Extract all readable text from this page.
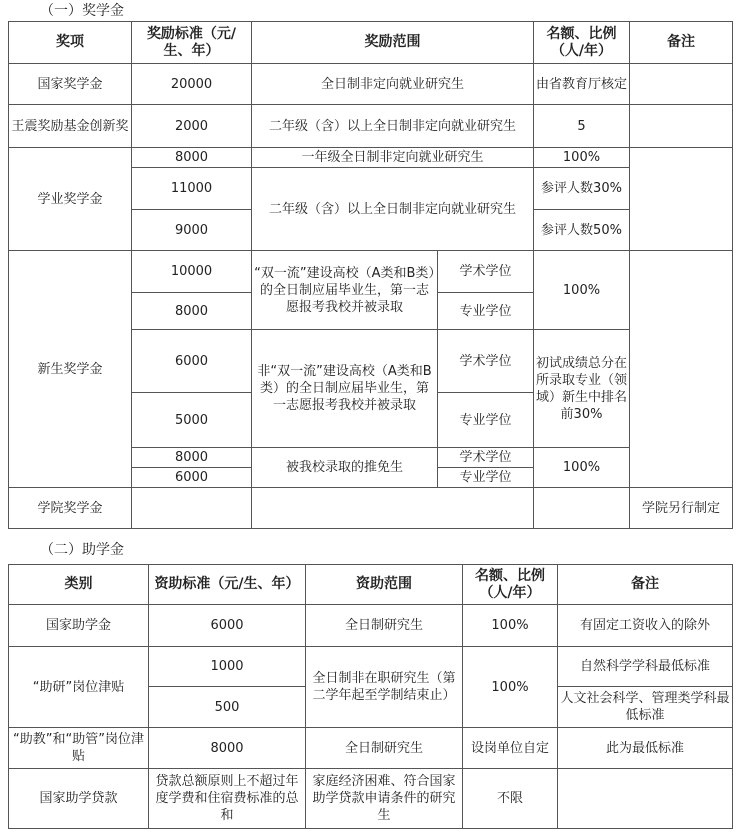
（一）奖学金
奖项	奖励标准（元/生、年）	奖励范围		名额、比例（人/年）	备注
国家奖学金	20000	全日制非定向就业研究生		由省教育厅核定	
王震奖励基金创新奖	2000	二年级（含）以上全日制非定向就业研究生		5	
学业奖学金	8000	一年级全日制非定向就业研究生		100%	
	11000	二年级（含）以上全日制非定向就业研究生		参评人数30%	
	9000			参评人数50%	
新生奖学金	10000	“双一流”建设高校（A类和B类）的全日制应届毕业生，第一志愿报考我校并被录取	学术学位	100%	
	8000		专业学位		
	6000	非“双一流”建设高校（A类和B类）的全日制应届毕业生，第一志愿报考我校并被录取	学术学位	初试成绩总分在所录取专业（领域）新生中排名前30%	
	5000		专业学位		
	8000	被我校录取的推免生	学术学位	100%	
	6000		专业学位		
学院奖学金					学院另行制定
（二）助学金
类别	资助标准（元/生、年）	资助范围	名额、比例（人/年）	备注
国家助学金	6000	全日制研究生	100%	有固定工资收入的除外
“助研”岗位津贴	1000	全日制非在职研究生（第二学年起至学制结束止）	100%	自然科学学科最低标准
	500			人文社会科学、管理类学科最低标准
“助教”和“助管”岗位津贴	8000	全日制研究生	设岗单位自定	此为最低标准
国家助学贷款	贷款总额原则上不超过年度学费和住宿费标准的总和	家庭经济困难、符合国家助学贷款申请条件的研究生	不限	
